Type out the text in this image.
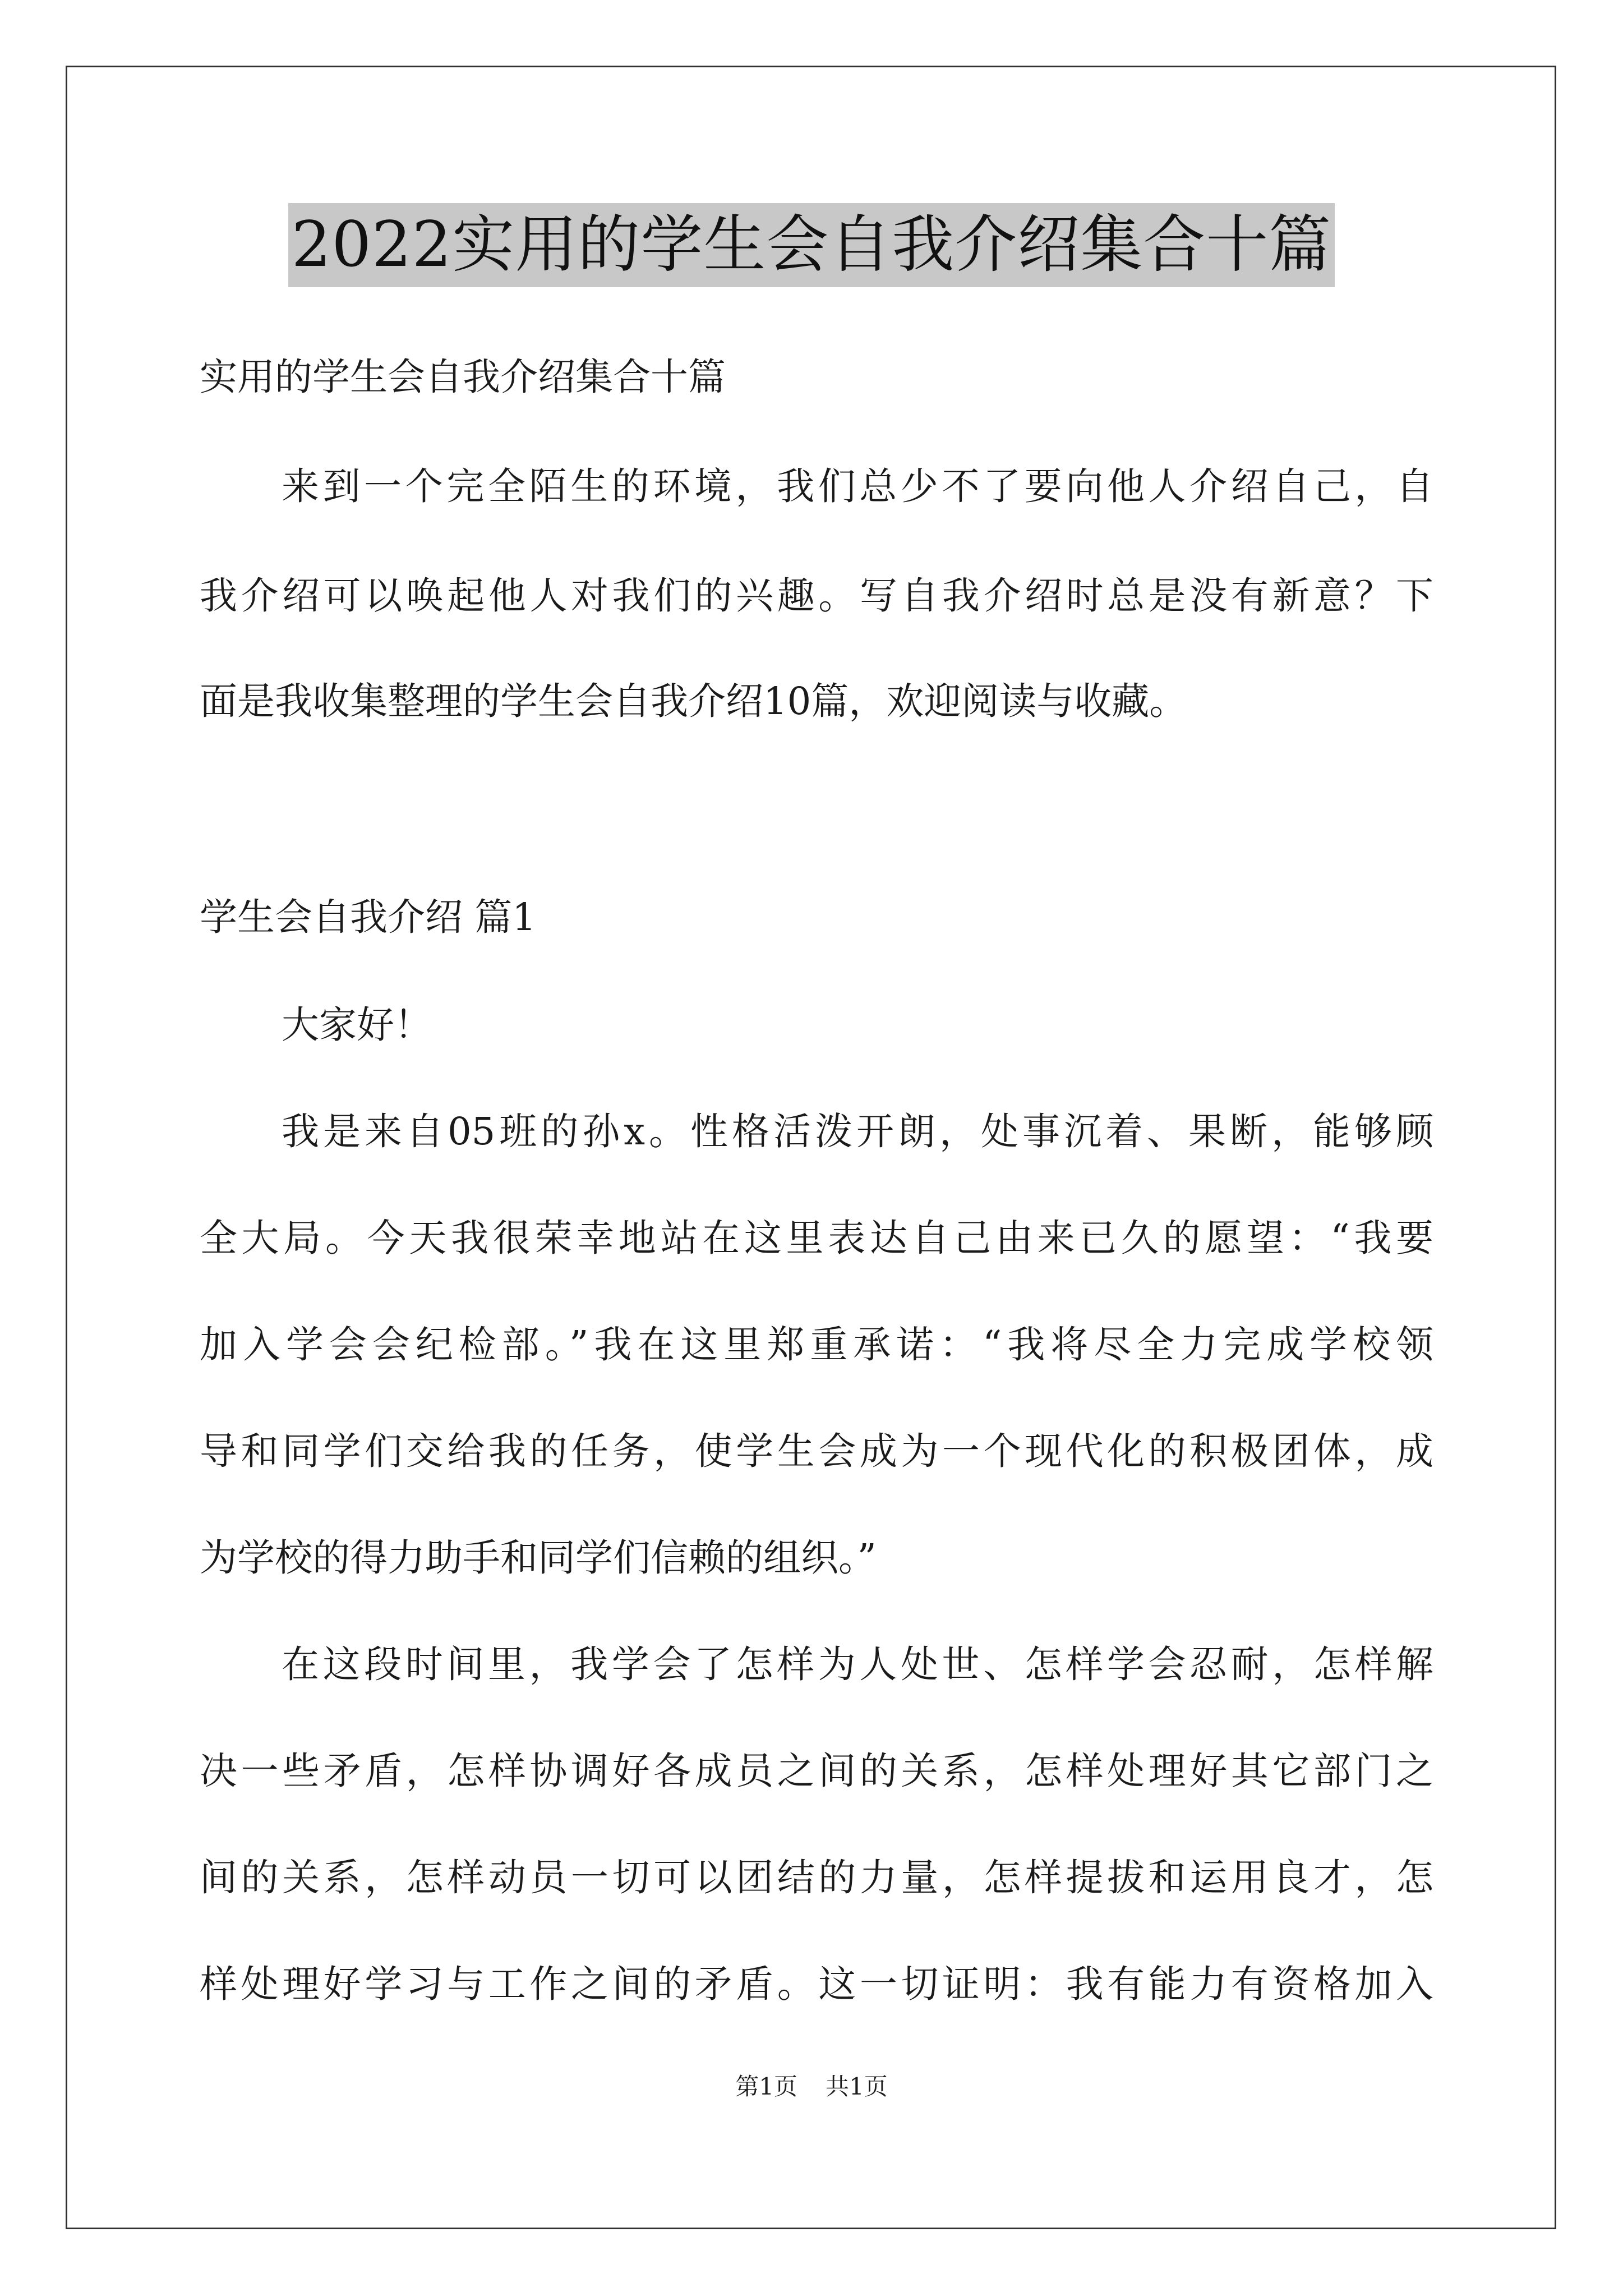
2022实用的学生会自我介绍集合十篇
实用的学生会自我介绍集合十篇
来到一个完全陌生的环境，我们总少不了要向他人介绍自己，自
我介绍可以唤起他人对我们的兴趣。写自我介绍时总是没有新意？下
面是我收集整理的学生会自我介绍10篇，欢迎阅读与收藏。
学生会自我介绍 篇1
大家好！
我是来自05班的孙x。性格活泼开朗，处事沉着、果断，能够顾
全大局。今天我很荣幸地站在这里表达自己由来已久的愿望：“我要
加入学会会纪检部。”我在这里郑重承诺：“我将尽全力完成学校领
导和同学们交给我的任务，使学生会成为一个现代化的积极团体，成
为学校的得力助手和同学们信赖的组织。”
在这段时间里，我学会了怎样为人处世、怎样学会忍耐，怎样解
决一些矛盾，怎样协调好各成员之间的关系，怎样处理好其它部门之
间的关系，怎样动员一切可以团结的力量，怎样提拔和运用良才，怎
样处理好学习与工作之间的矛盾。这一切证明：我有能力有资格加入
第1页 共1页
